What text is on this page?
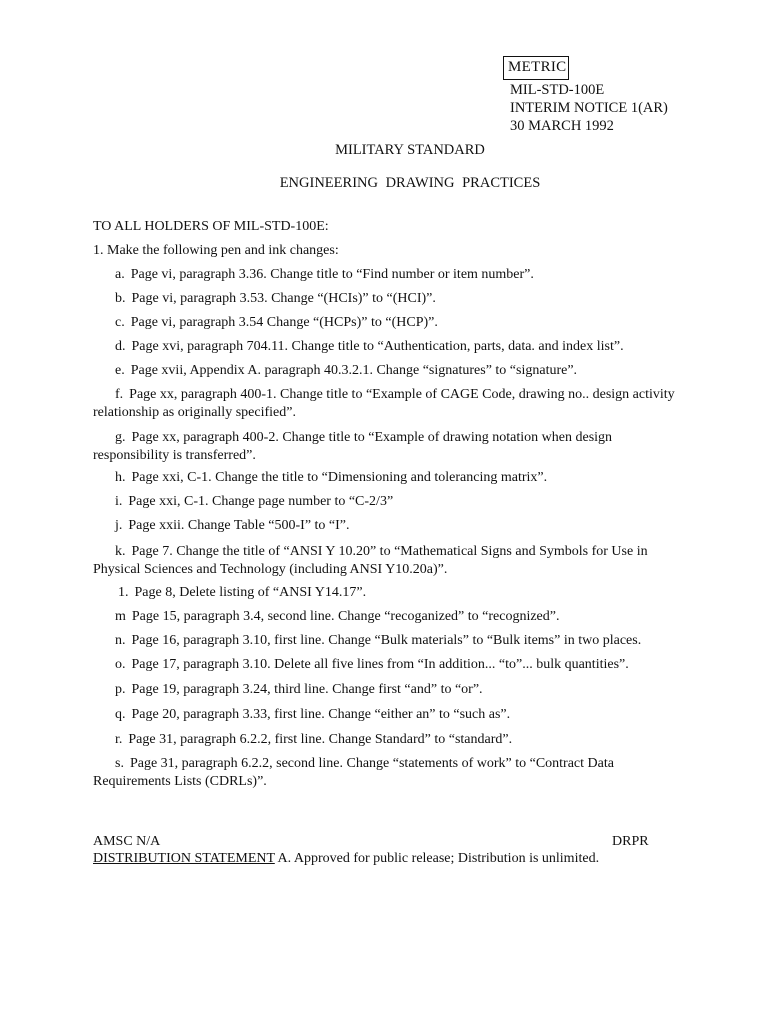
METRIC
MIL-STD-100E
INTERIM NOTICE 1(AR)
30 MARCH 1992
MILITARY STANDARD
ENGINEERING DRAWING PRACTICES
TO ALL HOLDERS OF MIL-STD-100E:
1. Make the following pen and ink changes:
a. Page vi, paragraph 3.36. Change title to “Find number or item number”.
b. Page vi, paragraph 3.53. Change “(HCIs)” to “(HCI)”.
c. Page vi, paragraph 3.54 Change “(HCPs)” to “(HCP)”.
d. Page xvi, paragraph 704.11. Change title to “Authentication, parts, data. and index list”.
e. Page xvii, Appendix A. paragraph 40.3.2.1. Change “signatures” to “signature”.
f. Page xx, paragraph 400-1. Change title to “Example of CAGE Code, drawing no.. design activity relationship as originally specified”.
g. Page xx, paragraph 400-2. Change title to “Example of drawing notation when design responsibility is transferred”.
h. Page xxi, C-1. Change the title to “Dimensioning and tolerancing matrix”.
i. Page xxi, C-1. Change page number to “C-2/3”
j. Page xxii. Change Table “500-I” to “I”.
k. Page 7. Change the title of “ANSI Y 10.20” to “Mathematical Signs and Symbols for Use in Physical Sciences and Technology (including ANSI Y10.20a)”.
1. Page 8, Delete listing of “ANSI Y14.17”.
m Page 15, paragraph 3.4, second line. Change “recoganized” to “recognized”.
n. Page 16, paragraph 3.10, first line. Change “Bulk materials” to “Bulk items” in two places.
o. Page 17, paragraph 3.10. Delete all five lines from “In addition... “to”... bulk quantities”.
p. Page 19, paragraph 3.24, third line. Change first “and” to “or”.
q. Page 20, paragraph 3.33, first line. Change “either an” to “such as”.
r. Page 31, paragraph 6.2.2, first line. Change Standard” to “standard”.
s. Page 31, paragraph 6.2.2, second line. Change “statements of work” to “Contract Data Requirements Lists (CDRLs)”.
AMSC N/A	DRPR
DISTRIBUTION STATEMENT A. Approved for public release; Distribution is unlimited.
